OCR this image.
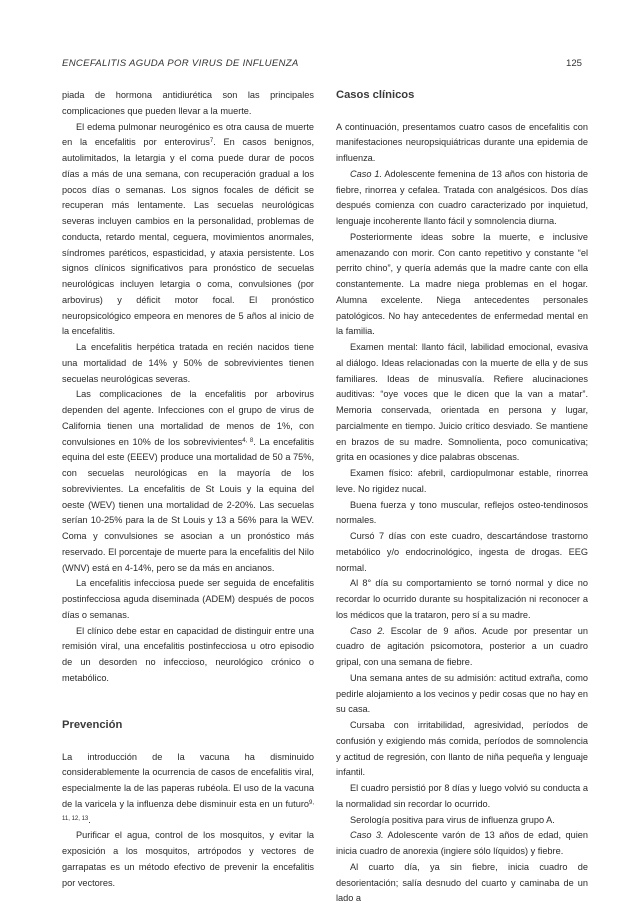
ENCEFALITIS AGUDA POR VIRUS DE INFLUENZA	125

piada de hormona antidiurética son las principales complicaciones que pueden llevar a la muerte.

El edema pulmonar neurogénico es otra causa de muerte en la encefalitis por enterovirus$^7$. En casos benignos, autolimitados, la letargia y el coma puede durar de pocos días a más de una semana, con recuperación gradual a los pocos días o semanas. Los signos focales de déficit se recuperan más lentamente. Las secuelas neurológicas severas incluyen cambios en la personalidad, problemas de conducta, retardo mental, ceguera, movimientos anormales, síndromes paréticos, espasticidad, y ataxia persistente. Los signos clínicos significativos para pronóstico de secuelas neurológicas incluyen letargia o coma, convulsiones (por arbovirus) y déficit motor focal. El pronóstico neuropsicológico empeora en menores de 5 años al inicio de la encefalitis.

La encefalitis herpética tratada en recién nacidos tiene una mortalidad de 14% y 50% de sobrevivientes tienen secuelas neurológicas severas.

Las complicaciones de la encefalitis por arbovirus dependen del agente. Infecciones con el grupo de virus de California tienen una mortalidad de menos de 1%, con convulsiones en 10% de los sobrevivientes$^{4, 8}$. La encefalitis equina del este (EEEV) produce una mortalidad de 50 a 75%, con secuelas neurológicas en la mayoría de los sobrevivientes. La encefalitis de St Louis y la equina del oeste (WEV) tienen una mortalidad de 2-20%. Las secuelas serían 10-25% para la de St Louis y 13 a 56% para la WEV. Coma y convulsiones se asocian a un pronóstico más reservado. El porcentaje de muerte para la encefalitis del Nilo (WNV) está en 4-14%, pero se da más en ancianos.

La encefalitis infecciosa puede ser seguida de encefalitis postinfecciosa aguda diseminada (ADEM) después de pocos días o semanas.

El clínico debe estar en capacidad de distinguir entre una remisión viral, una encefalitis postinfecciosa u otro episodio de un desorden no infeccioso, neurológico crónico o metabólico.

Prevención

La introducción de la vacuna ha disminuido considerablemente la ocurrencia de casos de encefalitis viral, especialmente la de las paperas rubéola. El uso de la vacuna de la varicela y la influenza debe disminuir esta en un futuro$^{9, 11, 12, 13}$.

Purificar el agua, control de los mosquitos, y evitar la exposición a los mosquitos, artrópodos y vectores de garrapatas es un método efectivo de prevenir la encefalitis por vectores.

Casos clínicos

A continuación, presentamos cuatro casos de encefalitis con manifestaciones neuropsiquiátricas durante una epidemia de influenza.

Caso 1. Adolescente femenina de 13 años con historia de fiebre, rinorrea y cefalea. Tratada con analgésicos. Dos días después comienza con cuadro caracterizado por inquietud, lenguaje incoherente llanto fácil y somnolencia diurna.

Posteriormente ideas sobre la muerte, e inclusive amenazando con morir. Con canto repetitivo y constante “el perrito chino”, y quería además que la madre cante con ella constantemente. La madre niega problemas en el hogar. Alumna excelente. Niega antecedentes personales patológicos. No hay antecedentes de enfermedad mental en la familia.

Examen mental: llanto fácil, labilidad emocional, evasiva al diálogo. Ideas relacionadas con la muerte de ella y de sus familiares. Ideas de minusvalía. Refiere alucinaciones auditivas: “oye voces que le dicen que la van a matar”. Memoria conservada, orientada en persona y lugar, parcialmente en tiempo. Juicio crítico desviado. Se mantiene en brazos de su madre. Somnolienta, poco comunicativa; grita en ocasiones y dice palabras obscenas.

Examen físico: afebril, cardiopulmonar estable, rinorrea leve. No rigidez nucal.

Buena fuerza y tono muscular, reflejos osteo-tendinosos normales.

Cursó 7 días con este cuadro, descartándose trastorno metabólico y/o endocrinológico, ingesta de drogas. EEG normal.

Al 8° día su comportamiento se tornó normal y dice no recordar lo ocurrido durante su hospitalización ni reconocer a los médicos que la trataron, pero sí a su madre.

Caso 2. Escolar de 9 años. Acude por presentar un cuadro de agitación psicomotora, posterior a un cuadro gripal, con una semana de fiebre.

Una semana antes de su admisión: actitud extraña, como pedirle alojamiento a los vecinos y pedir cosas que no hay en su casa.

Cursaba con irritabilidad, agresividad, períodos de confusión y exigiendo más comida, períodos de somnolencia y actitud de regresión, con llanto de niña pequeña y lenguaje infantil.

El cuadro persistió por 8 días y luego volvió su conducta a la normalidad sin recordar lo ocurrido.

Serología positiva para virus de influenza grupo A.

Caso 3. Adolescente varón de 13 años de edad, quien inicia cuadro de anorexia (ingiere sólo líquidos) y fiebre.

Al cuarto día, ya sin fiebre, inicia cuadro de desorientación; salía desnudo del cuarto y caminaba de un lado a
